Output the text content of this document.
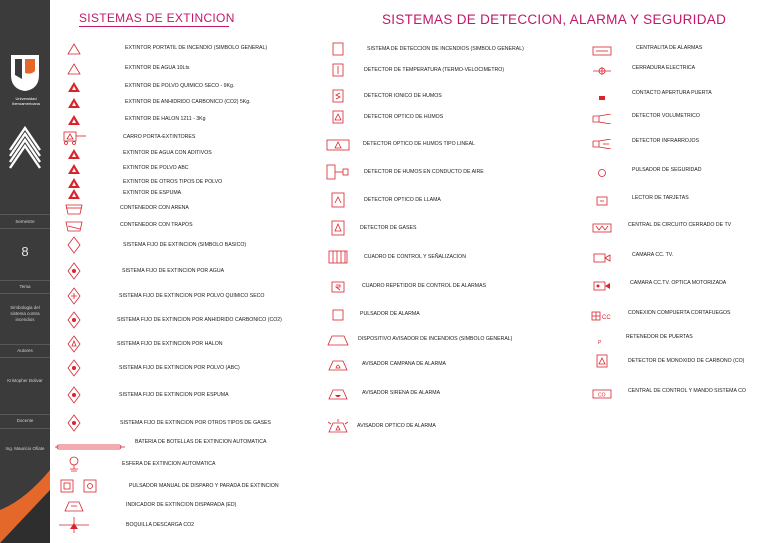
Universidad Iberoamericana
Semestre
8
Tema
Simbologia del sistema contra incendios
Autores
Kristopher Bolivar
Docente
Ing. Mauricio Ofiate
SISTEMAS DE EXTINCION	SISTEMAS DE DETECCION, ALARMA Y SEGURIDAD
EXTINTOR PORTATIL DE INCENDIO (SIMBOLO GENERAL)
EXTINTOR DE AGUA 10Lts
EXTINTOR DE POLVO QUIMICO SECO - 9Kg.
EXTINTOR DE ANHIDRIDO CARBONICO (CO2) 5Kg.
EXTINTOR DE HALON 1211 - 3Kg
CARRO PORTA-EXTINTORES
EXTINTOR DE AGUA CON ADITIVOS
EXTINTOR DE POLVO ABC
EXTINTOR DE OTROS TIPOS DE POLVO
EXTINTOR DE ESPUMA
CONTENEDOR CON ARENA
CONTENEDOR CON TRAPOS
SISTEMA FIJO DE EXTINCION (SIMBOLO BASICO)
SISTEMA FIJO DE EXTINCION POR AGUA
SISTEMA FIJO DE EXTINCION POR POLVO QUIMICO SECO
SISTEMA FIJO DE EXTINCION POR ANHIDRIDO CARBONICO (CO2)
SISTEMA FIJO DE EXTINCION POR HALON
SISTEMA FIJO DE EXTINCION POR POLVO (ABC)
SISTEMA FIJO DE EXTINCION POR ESPUMA
SISTEMA FIJO DE EXTINCION POR OTROS TIPOS DE GASES
BATERIA DE BOTELLAS DE EXTINCION AUTOMATICA
ESFERA DE EXTINCION AUTOMATICA
PULSADOR MANUAL DE DISPARO Y PARADA DE EXTINCION
INDICADOR DE EXTINCION DISPARADA (ED)
BOQUILLA DESCARGA CO2
SISTEMA DE DETECCION DE INCENDIOS (SIMBOLO GENERAL)
DETECTOR DE TEMPERATURA (TERMO-VELOCIMETRO)
DETECTOR IONICO DE HUMOS
DETECTOR OPTICO DE HUMOS
DETECTOR OPTICO DE HUMOS TIPO LINEAL
DETECTOR DE HUMOS EN CONDUCTO DE AIRE
DETECTOR OPTICO DE LLAMA
DETECTOR DE GASES
CUADRO DE CONTROL Y SEÑALIZACION
CUADRO REPETIDOR DE CONTROL DE ALARMAS
PULSADOR DE ALARMA
DISPOSITIVO AVISADOR DE INCENDIOS (SIMBOLO GENERAL)
AVISADOR CAMPANA DE ALARMA
AVISADOR SIRENA DE ALARMA
AVISADOR OPTICO DE ALARMA
CENTRALITA DE ALARMAS
CERRADURA ELECTRICA
CONTACTO APERTURA PUERTA
DETECTOR VOLUMETRICO
DETECTOR INFRARROJOS
PULSADOR DE SEGURIDAD
LECTOR DE TARJETAS
CENTRAL DE CIRCUITO CERRADO DE TV
CAMARA CC. TV.
CAMARA CC.TV. OPTICA MOTORIZADA
CC
CONEXION COMPUERTA CORTAFUEGOS
P
RETENEDOR DE PUERTAS
DETECTOR DE MONOXIDO DE CARBONO (CO)
CO
CENTRAL DE CONTROL Y MANDO SISTEMA CO
